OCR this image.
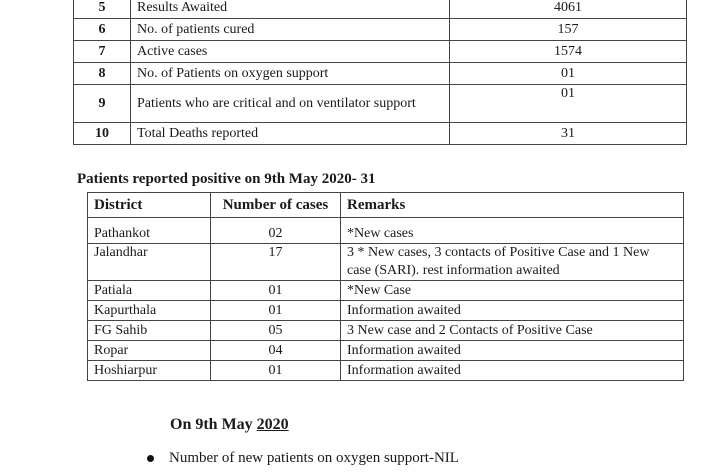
5	Results Awaited	4061
6	No. of patients cured	157
7	Active cases	1574
8	No. of Patients on oxygen support	01
9	Patients who are critical and on ventilator support	01
10	Total Deaths reported	31

Patients reported positive on 9th May 2020- 31

District	Number of cases	Remarks
Pathankot	02	*New cases
Jalandhar	17	3 * New cases, 3 contacts of Positive Case and 1 New case (SARI). rest information awaited
Patiala	01	*New Case
Kapurthala	01	Information awaited
FG Sahib	05	3 New case and 2 Contacts of Positive Case
Ropar	04	Information awaited
Hoshiarpur	01	Information awaited

On 9th May 2020

Number of new patients on oxygen support-NIL
